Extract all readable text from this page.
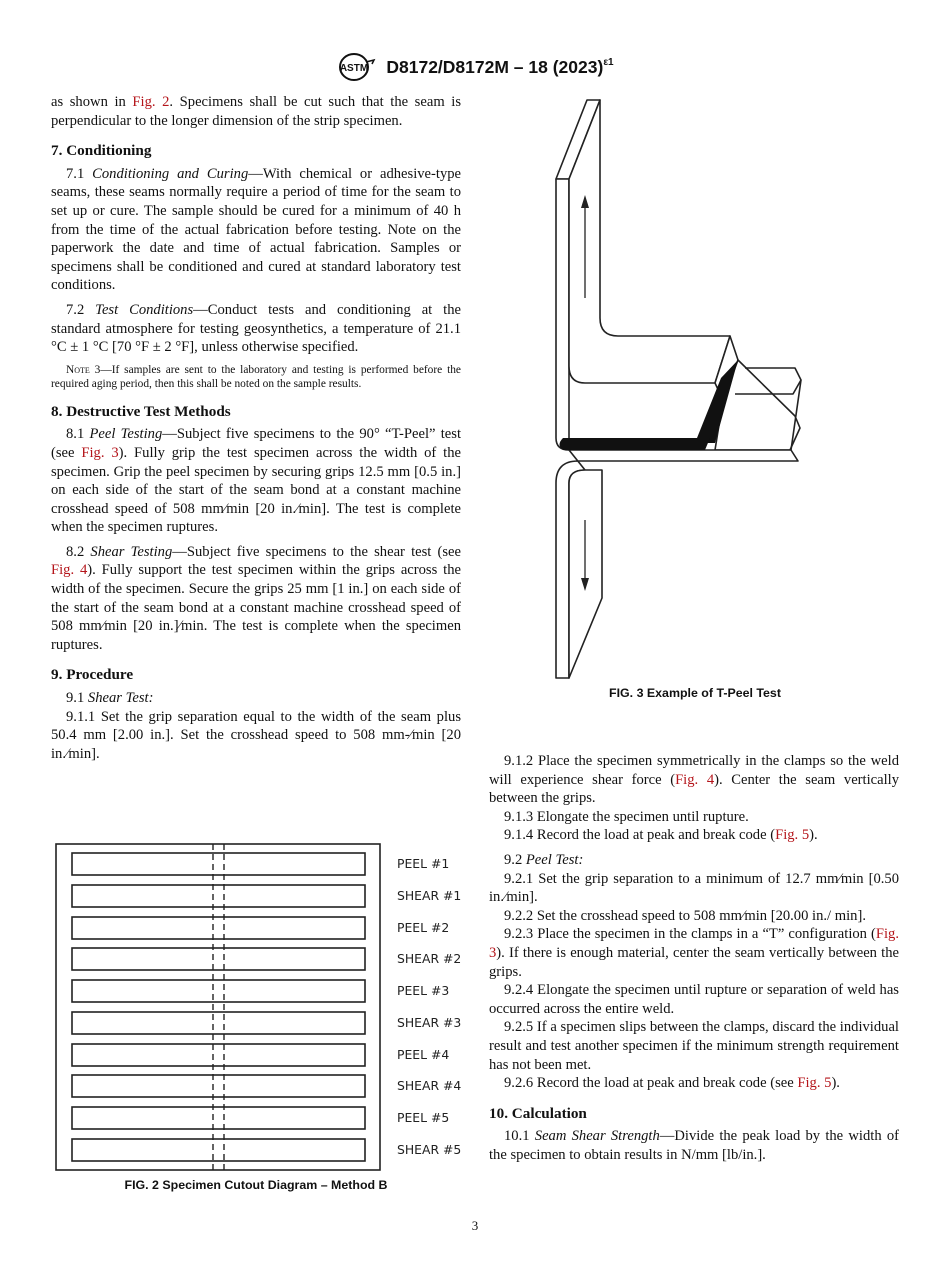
ASTM D8172/D8172M – 18 $(2023)^{\varepsilon 1}$

as shown in Fig. 2. Specimens shall be cut such that the seam is perpendicular to the longer dimension of the strip specimen.

7. Conditioning

7.1 Conditioning and Curing—With chemical or adhesive-type seams, these seams normally require a period of time for the seam to set up or cure. The sample should be cured for a minimum of 40 h from the time of the actual fabrication before testing. Note on the paperwork the date and time of actual fabrication. Samples or specimens shall be conditioned and cured at standard laboratory test conditions.

7.2 Test Conditions—Conduct tests and conditioning at the standard atmosphere for testing geosynthetics, a temperature of 21.1 °C ± 1 °C [70 °F ± 2 °F], unless otherwise specified.

Note 3—If samples are sent to the laboratory and testing is performed before the required aging period, then this shall be noted on the sample results.

8. Destructive Test Methods

8.1 Peel Testing—Subject five specimens to the 90° “T-Peel” test (see Fig. 3). Fully grip the test specimen across the width of the specimen. Grip the peel specimen by securing grips 12.5 mm [0.5 in.] on each side of the start of the seam bond at a constant machine crosshead speed of 508 mm⁄min [20 in.⁄min]. The test is complete when the specimen ruptures.

8.2 Shear Testing—Subject five specimens to the shear test (see Fig. 4). Fully support the test specimen within the grips across the width of the specimen. Secure the grips 25 mm [1 in.] on each side of the start of the seam bond at a constant machine crosshead speed of 508 mm⁄min [20 in.]⁄min. The test is complete when the specimen ruptures.

9. Procedure

9.1 Shear Test:

9.1.1 Set the grip separation equal to the width of the seam plus 50.4 mm [2.00 in.]. Set the crosshead speed to 508 mm-⁄min [20 in.⁄min].

PEEL #1
SHEAR #1
PEEL #2
SHEAR #2
PEEL #3
SHEAR #3
PEEL #4
SHEAR #4
PEEL #5
SHEAR #5
FIG. 2 Specimen Cutout Diagram – Method B
FIG. 3 Example of T-Peel Test

9.1.2 Place the specimen symmetrically in the clamps so the weld will experience shear force (Fig. 4). Center the seam vertically between the grips.

9.1.3 Elongate the specimen until rupture.

9.1.4 Record the load at peak and break code (Fig. 5).

9.2 Peel Test:

9.2.1 Set the grip separation to a minimum of 12.7 mm⁄min [0.50 in.⁄min].

9.2.2 Set the crosshead speed to 508 mm⁄min [20.00 in./ min].

9.2.3 Place the specimen in the clamps in a “T” configuration (Fig. 3). If there is enough material, center the seam vertically between the grips.

9.2.4 Elongate the specimen until rupture or separation of weld has occurred across the entire weld.

9.2.5 If a specimen slips between the clamps, discard the individual result and test another specimen if the minimum strength requirement has not been met.

9.2.6 Record the load at peak and break code (see Fig. 5).

10. Calculation

10.1 Seam Shear Strength—Divide the peak load by the width of the specimen to obtain results in N/mm [lb/in.].

3
